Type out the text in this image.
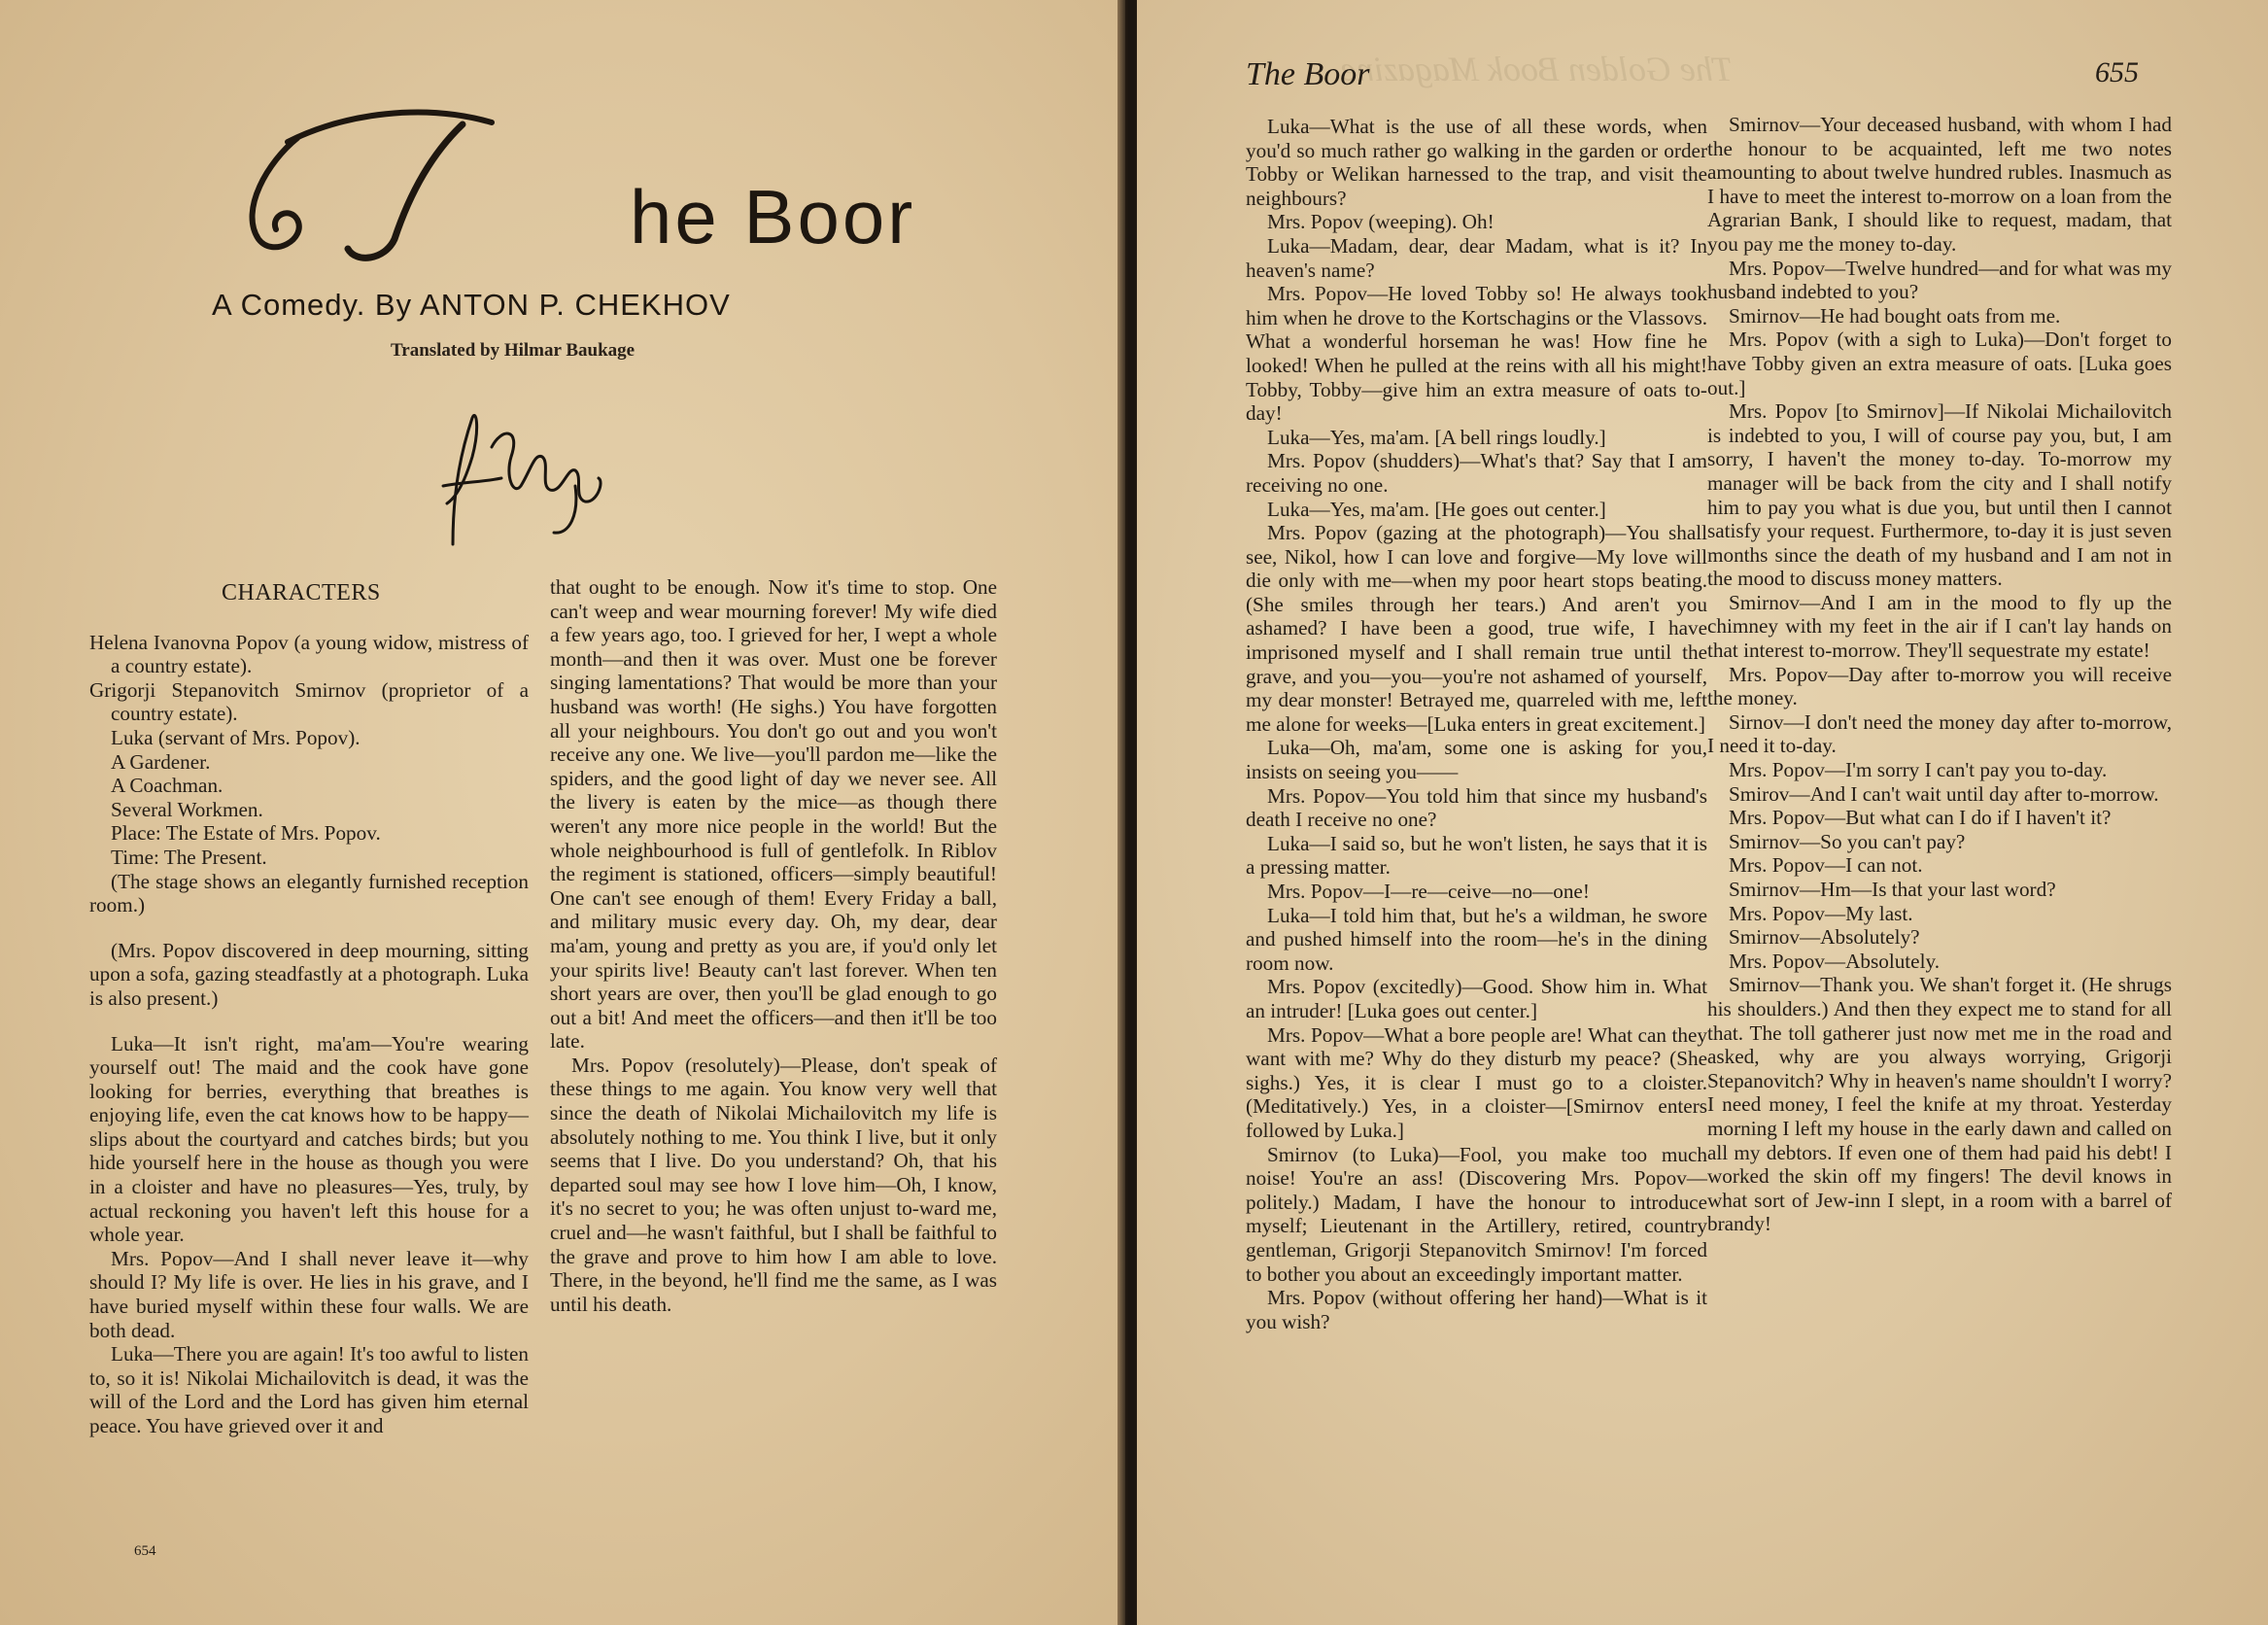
he Boor
A Comedy. By ANTON P. CHEKHOV
Translated by Hilmar Baukage
CHARACTERS

Helena Ivanovna Popov (a young widow, mistress of a country estate).

Grigorji Stepanovitch Smirnov (proprietor of a country estate).

Luka (servant of Mrs. Popov).

A Gardener.

A Coachman.

Several Workmen.

Place: The Estate of Mrs. Popov.

Time: The Present.

(The stage shows an elegantly furnished reception room.)

(Mrs. Popov discovered in deep mourning, sitting upon a sofa, gazing steadfastly at a photograph. Luka is also present.)

Luka—It isn't right, ma'am—You're wearing yourself out! The maid and the cook have gone looking for berries, everything that breathes is enjoying life, even the cat knows how to be happy—slips about the courtyard and catches birds; but you hide yourself here in the house as though you were in a cloister and have no pleasures—Yes, truly, by actual reckoning you haven't left this house for a whole year.

Mrs. Popov—And I shall never leave it—why should I? My life is over. He lies in his grave, and I have buried myself within these four walls. We are both dead.

Luka—There you are again! It's too awful to listen to, so it is! Nikolai Michailovitch is dead, it was the will of the Lord and the Lord has given him eternal peace. You have grieved over it and

that ought to be enough. Now it's time to stop. One can't weep and wear mourning forever! My wife died a few years ago, too. I grieved for her, I wept a whole month—and then it was over. Must one be forever singing lamentations? That would be more than your husband was worth! (He sighs.) You have forgotten all your neighbours. You don't go out and you won't receive any one. We live—you'll pardon me—like the spiders, and the good light of day we never see. All the livery is eaten by the mice—as though there weren't any more nice people in the world! But the whole neighbourhood is full of gentlefolk. In Riblov the regiment is stationed, officers—simply beautiful! One can't see enough of them! Every Friday a ball, and military music every day. Oh, my dear, dear ma'am, young and pretty as you are, if you'd only let your spirits live! Beauty can't last forever. When ten short years are over, then you'll be glad enough to go out a bit! And meet the officers—and then it'll be too late.

Mrs. Popov (resolutely)—Please, don't speak of these things to me again. You know very well that since the death of Nikolai Michailovitch my life is absolutely nothing to me. You think I live, but it only seems that I live. Do you understand? Oh, that his departed soul may see how I love him—Oh, I know, it's no secret to you; he was often unjust to-ward me, cruel and—he wasn't faithful, but I shall be faithful to the grave and prove to him how I am able to love. There, in the beyond, he'll find me the same, as I was until his death.

654
The Golden Book Magazine
The Boor	655

Luka—What is the use of all these words, when you'd so much rather go walking in the garden or order Tobby or Welikan harnessed to the trap, and visit the neighbours?

Mrs. Popov (weeping). Oh!

Luka—Madam, dear, dear Madam, what is it? In heaven's name?

Mrs. Popov—He loved Tobby so! He always took him when he drove to the Kortschagins or the Vlassovs. What a wonderful horseman he was! How fine he looked! When he pulled at the reins with all his might! Tobby, Tobby—give him an extra measure of oats to-day!

Luka—Yes, ma'am. [A bell rings loudly.]

Mrs. Popov (shudders)—What's that? Say that I am receiving no one.

Luka—Yes, ma'am. [He goes out center.]

Mrs. Popov (gazing at the photograph)—You shall see, Nikol, how I can love and forgive—My love will die only with me—when my poor heart stops beating. (She smiles through her tears.) And aren't you ashamed? I have been a good, true wife, I have imprisoned myself and I shall remain true until the grave, and you—you—you're not ashamed of yourself, my dear monster! Betrayed me, quarreled with me, left me alone for weeks—[Luka enters in great excitement.]

Luka—Oh, ma'am, some one is asking for you, insists on seeing you——

Mrs. Popov—You told him that since my husband's death I receive no one?

Luka—I said so, but he won't listen, he says that it is a pressing matter.

Mrs. Popov—I—re—ceive—no—one!

Luka—I told him that, but he's a wildman, he swore and pushed himself into the room—he's in the dining room now.

Mrs. Popov (excitedly)—Good. Show him in. What an intruder! [Luka goes out center.]

Mrs. Popov—What a bore people are! What can they want with me? Why do they disturb my peace? (She sighs.) Yes, it is clear I must go to a cloister. (Meditatively.) Yes, in a cloister—[Smirnov enters followed by Luka.]

Smirnov (to Luka)—Fool, you make too much noise! You're an ass! (Discovering Mrs. Popov—politely.) Madam, I have the honour to introduce myself; Lieutenant in the Artillery, retired, country gentleman, Grigorji Stepanovitch Smirnov! I'm forced to bother you about an exceedingly important matter.

Mrs. Popov (without offering her hand)—What is it you wish?

Smirnov—Your deceased husband, with whom I had the honour to be acquainted, left me two notes amounting to about twelve hundred rubles. Inasmuch as I have to meet the interest to-morrow on a loan from the Agrarian Bank, I should like to request, madam, that you pay me the money to-day.

Mrs. Popov—Twelve hundred—and for what was my husband indebted to you?

Smirnov—He had bought oats from me.

Mrs. Popov (with a sigh to Luka)—Don't forget to have Tobby given an extra measure of oats. [Luka goes out.]

Mrs. Popov [to Smirnov]—If Nikolai Michailovitch is indebted to you, I will of course pay you, but, I am sorry, I haven't the money to-day. To-morrow my manager will be back from the city and I shall notify him to pay you what is due you, but until then I cannot satisfy your request. Furthermore, to-day it is just seven months since the death of my husband and I am not in the mood to discuss money matters.

Smirnov—And I am in the mood to fly up the chimney with my feet in the air if I can't lay hands on that interest to-morrow. They'll sequestrate my estate!

Mrs. Popov—Day after to-morrow you will receive the money.

Sirnov—I don't need the money day after to-morrow, I need it to-day.

Mrs. Popov—I'm sorry I can't pay you to-day.

Smirov—And I can't wait until day after to-morrow.

Mrs. Popov—But what can I do if I haven't it?

Smirnov—So you can't pay?

Mrs. Popov—I can not.

Smirnov—Hm—Is that your last word?

Mrs. Popov—My last.

Smirnov—Absolutely?

Mrs. Popov—Absolutely.

Smirnov—Thank you. We shan't forget it. (He shrugs his shoulders.) And then they expect me to stand for all that. The toll gatherer just now met me in the road and asked, why are you always worrying, Grigorji Stepanovitch? Why in heaven's name shouldn't I worry? I need money, I feel the knife at my throat. Yesterday morning I left my house in the early dawn and called on all my debtors. If even one of them had paid his debt! I worked the skin off my fingers! The devil knows in what sort of Jew-inn I slept, in a room with a barrel of brandy!
